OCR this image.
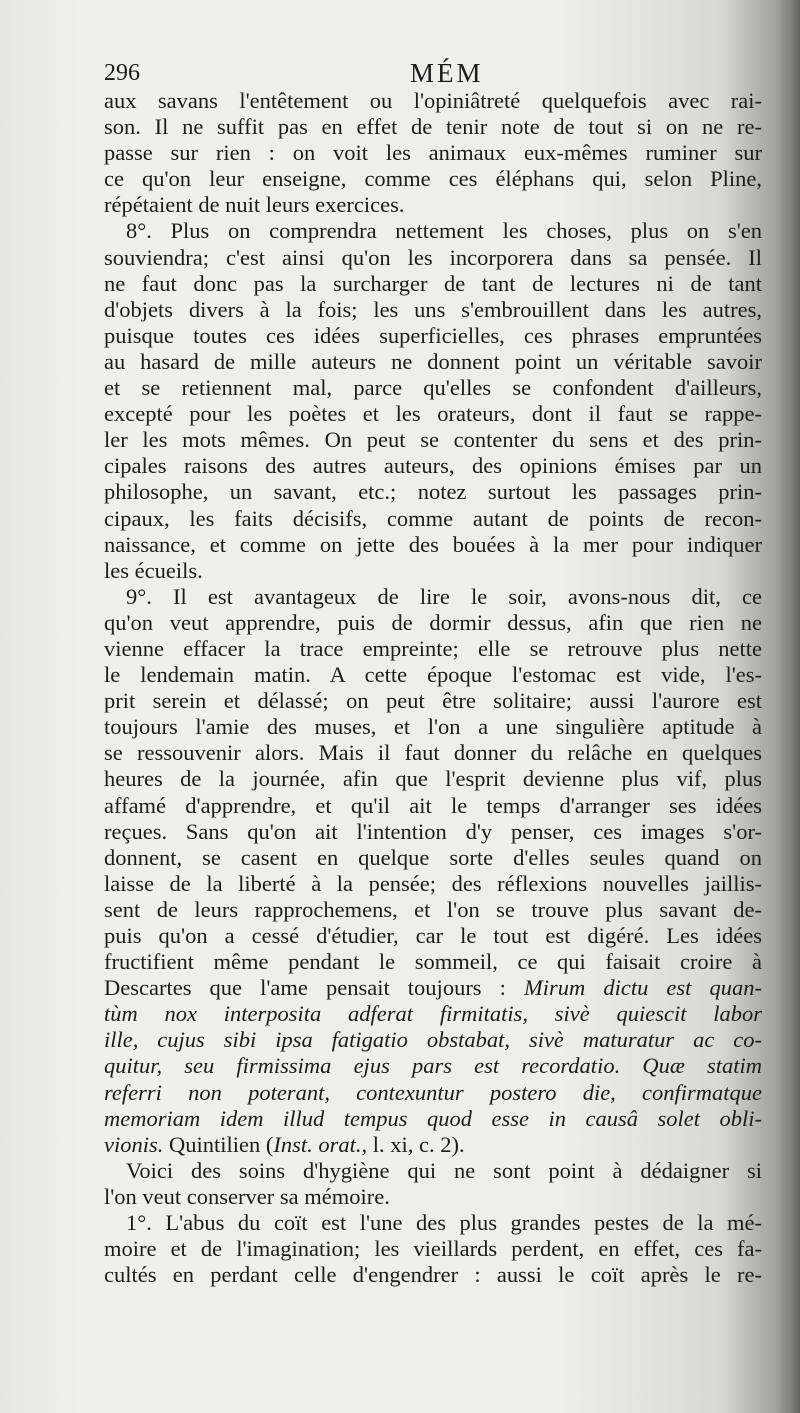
296	MÉM
aux savans l'entêtement ou l'opiniâtreté quelquefois avec rai-
son. Il ne suffit pas en effet de tenir note de tout si on ne re-
passe sur rien : on voit les animaux eux-mêmes ruminer sur
ce qu'on leur enseigne, comme ces éléphans qui, selon Pline,
répétaient de nuit leurs exercices.
8°. Plus on comprendra nettement les choses, plus on s'en
souviendra; c'est ainsi qu'on les incorporera dans sa pensée. Il
ne faut donc pas la surcharger de tant de lectures ni de tant
d'objets divers à la fois; les uns s'embrouillent dans les autres,
puisque toutes ces idées superficielles, ces phrases empruntées
au hasard de mille auteurs ne donnent point un véritable savoir
et se retiennent mal, parce qu'elles se confondent d'ailleurs,
excepté pour les poètes et les orateurs, dont il faut se rappe-
ler les mots mêmes. On peut se contenter du sens et des prin-
cipales raisons des autres auteurs, des opinions émises par un
philosophe, un savant, etc.; notez surtout les passages prin-
cipaux, les faits décisifs, comme autant de points de recon-
naissance, et comme on jette des bouées à la mer pour indiquer
les écueils.
9°. Il est avantageux de lire le soir, avons-nous dit, ce
qu'on veut apprendre, puis de dormir dessus, afin que rien ne
vienne effacer la trace empreinte; elle se retrouve plus nette
le lendemain matin. A cette époque l'estomac est vide, l'es-
prit serein et délassé; on peut être solitaire; aussi l'aurore est
toujours l'amie des muses, et l'on a une singulière aptitude à
se ressouvenir alors. Mais il faut donner du relâche en quelques
heures de la journée, afin que l'esprit devienne plus vif, plus
affamé d'apprendre, et qu'il ait le temps d'arranger ses idées
reçues. Sans qu'on ait l'intention d'y penser, ces images s'or-
donnent, se casent en quelque sorte d'elles seules quand on
laisse de la liberté à la pensée; des réflexions nouvelles jaillis-
sent de leurs rapprochemens, et l'on se trouve plus savant de-
puis qu'on a cessé d'étudier, car le tout est digéré. Les idées
fructifient même pendant le sommeil, ce qui faisait croire à
Descartes que l'ame pensait toujours : Mirum dictu est quan-
tùm nox interposita adferat firmitatis, sivè quiescit labor
ille, cujus sibi ipsa fatigatio obstabat, sivè maturatur ac co-
quitur, seu firmissima ejus pars est recordatio. Quæ statim
referri non poterant, contexuntur postero die, confirmatque
memoriam idem illud tempus quod esse in causâ solet obli-
vionis. Quintilien (Inst. orat., l. xi, c. 2).
Voici des soins d'hygiène qui ne sont point à dédaigner si
l'on veut conserver sa mémoire.
1°. L'abus du coït est l'une des plus grandes pestes de la mé-
moire et de l'imagination; les vieillards perdent, en effet, ces fa-
cultés en perdant celle d'engendrer : aussi le coït après le re-
